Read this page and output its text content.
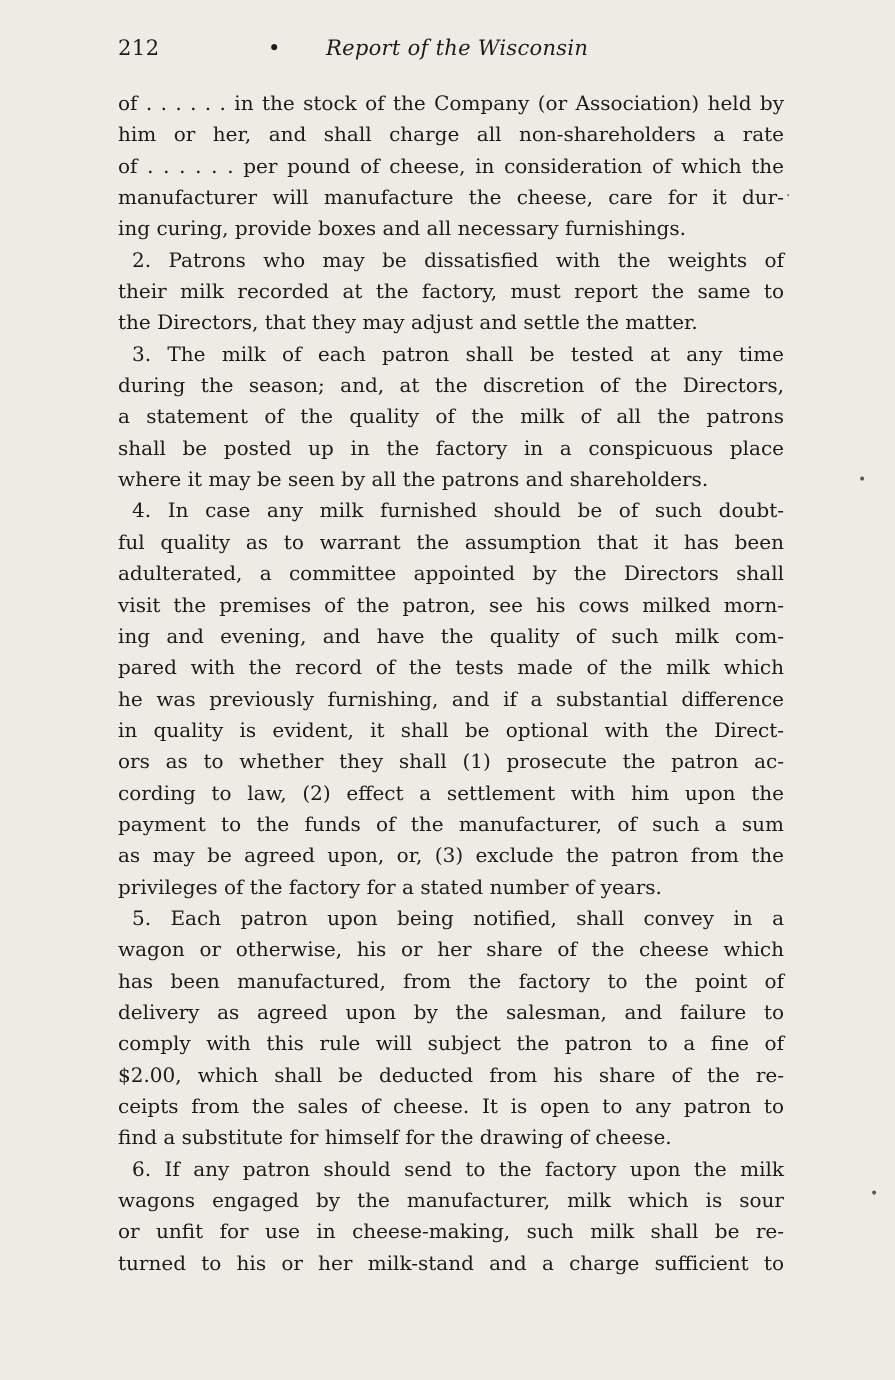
212	• Report of the Wisconsin
of . . . . . . in the stock of the Company (or Association) held by
him or her, and shall charge all non-shareholders a rate
of . . . . . . per pound of cheese, in consideration of which the
manufacturer will manufacture the cheese, care for it dur-
ing curing, provide boxes and all necessary furnishings.
2. Patrons who may be dissatisfied with the weights of
their milk recorded at the factory, must report the same to
the Directors, that they may adjust and settle the matter.
3. The milk of each patron shall be tested at any time
during the season; and, at the discretion of the Directors,
a statement of the quality of the milk of all the patrons
shall be posted up in the factory in a conspicuous place
where it may be seen by all the patrons and shareholders.
4. In case any milk furnished should be of such doubt-
ful quality as to warrant the assumption that it has been
adulterated, a committee appointed by the Directors shall
visit the premises of the patron, see his cows milked morn-
ing and evening, and have the quality of such milk com-
pared with the record of the tests made of the milk which
he was previously furnishing, and if a substantial difference
in quality is evident, it shall be optional with the Direct-
ors as to whether they shall (1) prosecute the patron ac-
cording to law, (2) effect a settlement with him upon the
payment to the funds of the manufacturer, of such a sum
as may be agreed upon, or, (3) exclude the patron from the
privileges of the factory for a stated number of years.
5. Each patron upon being notified, shall convey in a
wagon or otherwise, his or her share of the cheese which
has been manufactured, from the factory to the point of
delivery as agreed upon by the salesman, and failure to
comply with this rule will subject the patron to a fine of
$2.00, which shall be deducted from his share of the re-
ceipts from the sales of cheese. It is open to any patron to
find a substitute for himself for the drawing of cheese.
6. If any patron should send to the factory upon the milk
wagons engaged by the manufacturer, milk which is sour
or unfit for use in cheese-making, such milk shall be re-
turned to his or her milk-stand and a charge sufficient to
·
•
•
